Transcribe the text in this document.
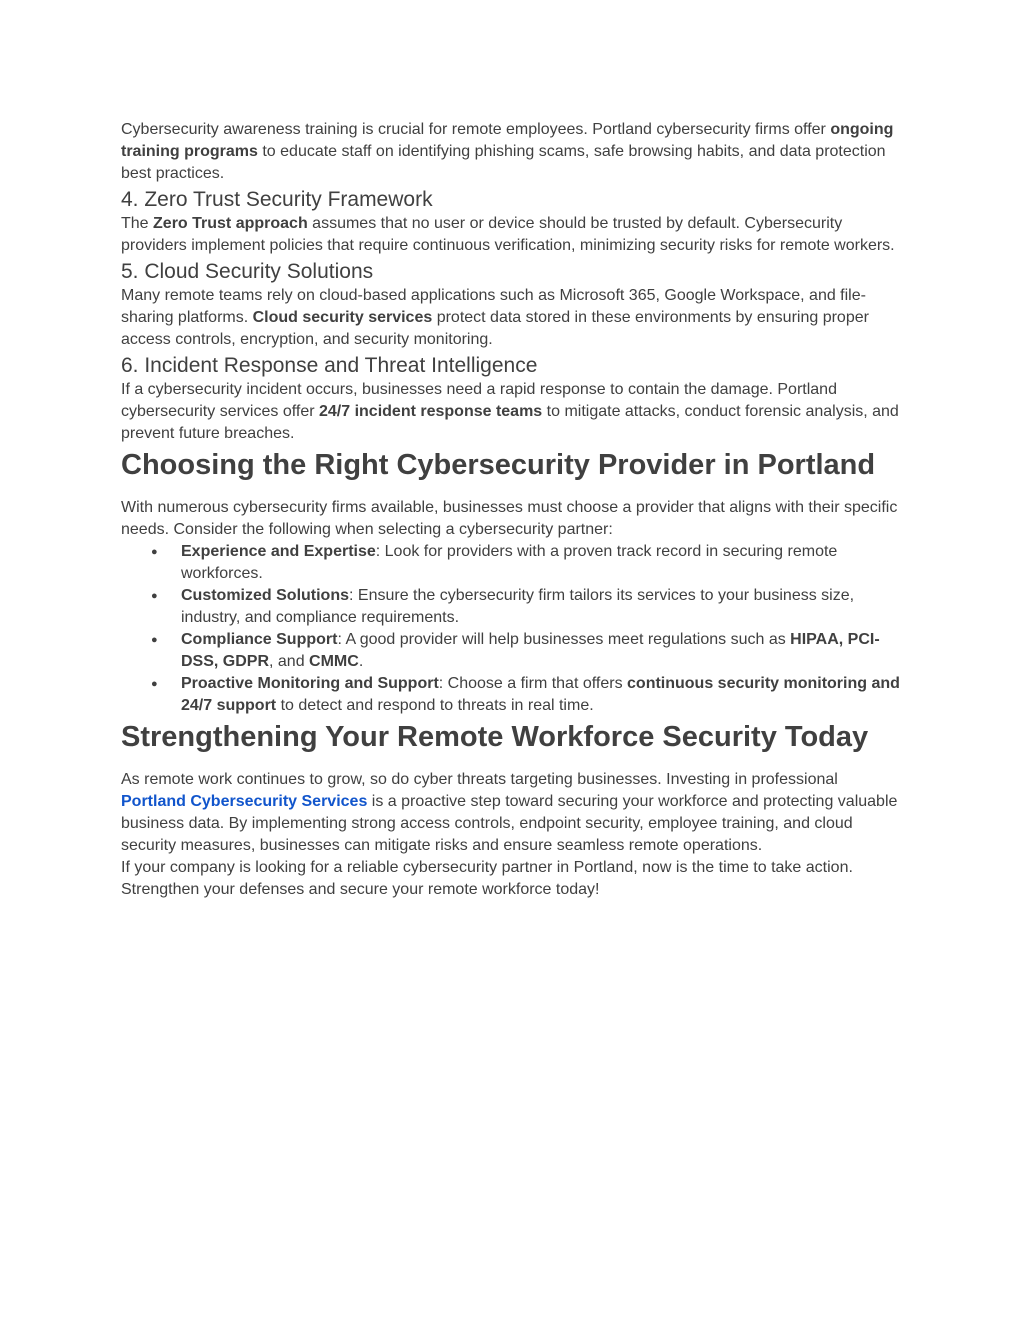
Cybersecurity awareness training is crucial for remote employees. Portland cybersecurity firms offer ongoing training programs to educate staff on identifying phishing scams, safe browsing habits, and data protection best practices.

4. Zero Trust Security Framework

The Zero Trust approach assumes that no user or device should be trusted by default. Cybersecurity providers implement policies that require continuous verification, minimizing security risks for remote workers.

5. Cloud Security Solutions

Many remote teams rely on cloud-based applications such as Microsoft 365, Google Workspace, and file-sharing platforms. Cloud security services protect data stored in these environments by ensuring proper access controls, encryption, and security monitoring.

6. Incident Response and Threat Intelligence

If a cybersecurity incident occurs, businesses need a rapid response to contain the damage. Portland cybersecurity services offer 24/7 incident response teams to mitigate attacks, conduct forensic analysis, and prevent future breaches.

Choosing the Right Cybersecurity Provider in Portland

With numerous cybersecurity firms available, businesses must choose a provider that aligns with their specific needs. Consider the following when selecting a cybersecurity partner:

● Experience and Expertise: Look for providers with a proven track record in securing remote workforces.
● Customized Solutions: Ensure the cybersecurity firm tailors its services to your business size, industry, and compliance requirements.
● Compliance Support: A good provider will help businesses meet regulations such as HIPAA, PCI-DSS, GDPR, and CMMC.
● Proactive Monitoring and Support: Choose a firm that offers continuous security monitoring and 24/7 support to detect and respond to threats in real time.
Strengthening Your Remote Workforce Security Today

As remote work continues to grow, so do cyber threats targeting businesses. Investing in professional Portland Cybersecurity Services is a proactive step toward securing your workforce and protecting valuable business data. By implementing strong access controls, endpoint security, employee training, and cloud security measures, businesses can mitigate risks and ensure seamless remote operations.

If your company is looking for a reliable cybersecurity partner in Portland, now is the time to take action. Strengthen your defenses and secure your remote workforce today!
